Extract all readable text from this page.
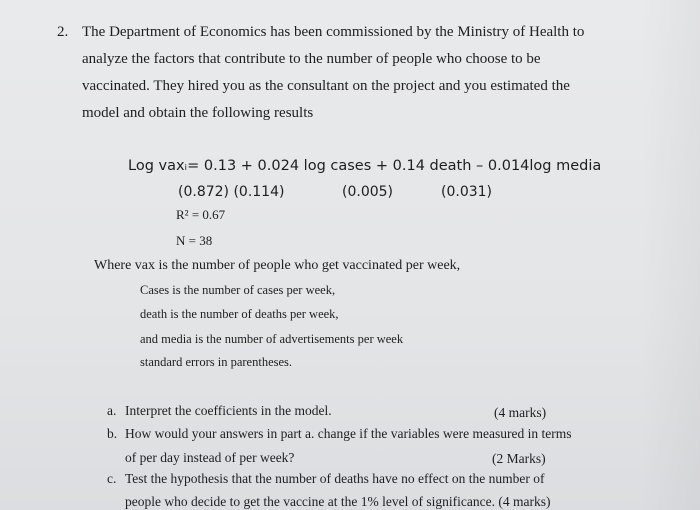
2. The Department of Economics has been commissioned by the Ministry of Health to
analyze the factors that contribute to the number of people who choose to be
vaccinated. They hired you as the consultant on the project and you estimated the
model and obtain the following results
Log vaxᵢ= 0.13 + 0.024 log cases + 0.14 death – 0.014log media
(0.872) (0.114)	(0.005)	(0.031)
R² = 0.67
N = 38
Where vax is the number of people who get vaccinated per week,
Cases is the number of cases per week,
death is the number of deaths per week,
and media is the number of advertisements per week
standard errors in parentheses.
a. Interpret the coefficients in the model.	(4 marks)
b. How would your answers in part a. change if the variables were measured in terms
of per day instead of per week?	(2 Marks)
c. Test the hypothesis that the number of deaths have no effect on the number of
people who decide to get the vaccine at the 1% level of significance. (4 marks)
